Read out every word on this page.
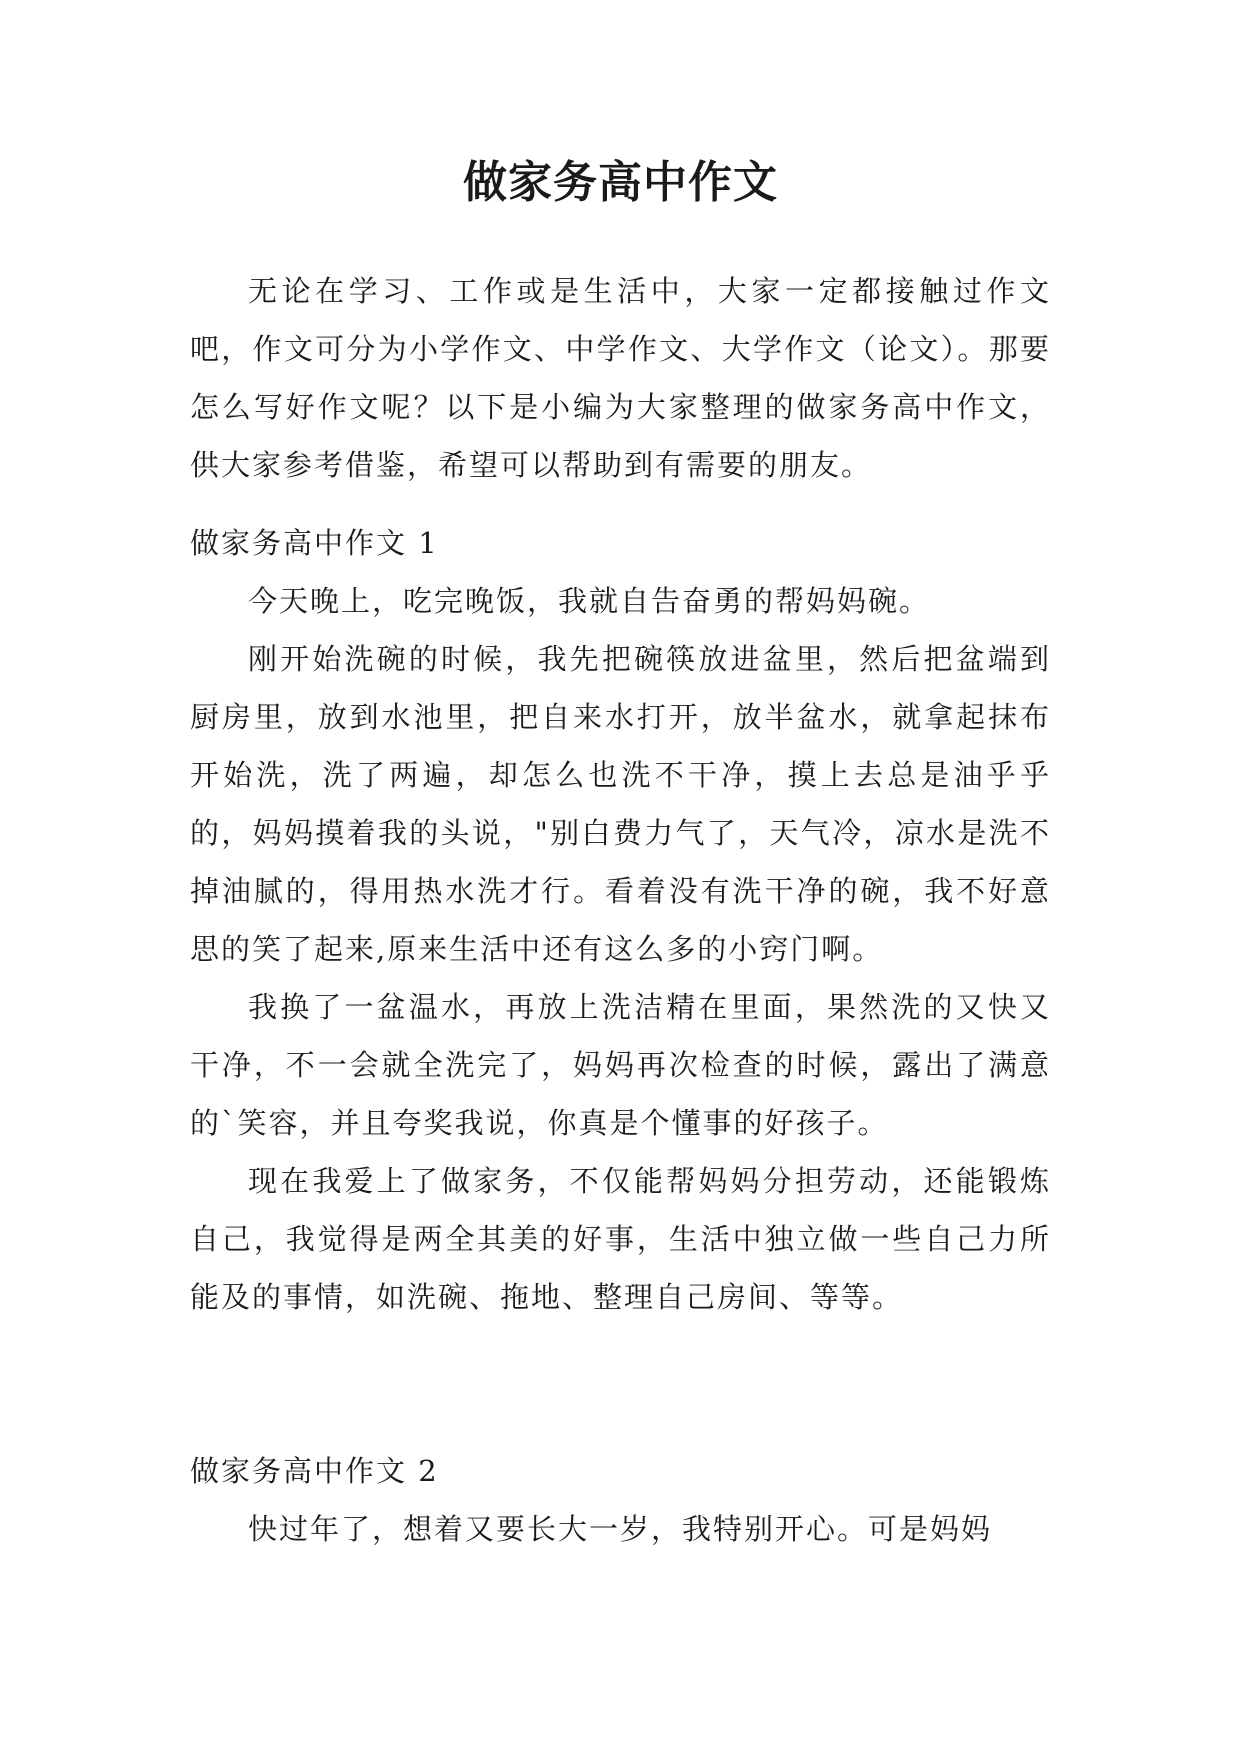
做家务高中作文

无论在学习、工作或是生活中，大家一定都接触过作文吧，作文可分为小学作文、中学作文、大学作文（论文）。那要怎么写好作文呢？以下是小编为大家整理的做家务高中作文，供大家参考借鉴，希望可以帮助到有需要的朋友。

做家务高中作文 1

今天晚上，吃完晚饭，我就自告奋勇的帮妈妈碗。

刚开始洗碗的时候，我先把碗筷放进盆里，然后把盆端到厨房里，放到水池里，把自来水打开，放半盆水，就拿起抹布开始洗，洗了两遍，却怎么也洗不干净，摸上去总是油乎乎的，妈妈摸着我的头说，"别白费力气了，天气冷，凉水是洗不掉油腻的，得用热水洗才行。看着没有洗干净的碗，我不好意思的笑了起来,原来生活中还有这么多的小窍门啊。

我换了一盆温水，再放上洗洁精在里面，果然洗的又快又干净，不一会就全洗完了，妈妈再次检查的时候，露出了满意的`笑容，并且夸奖我说，你真是个懂事的好孩子。

现在我爱上了做家务，不仅能帮妈妈分担劳动，还能锻炼自己，我觉得是两全其美的好事，生活中独立做一些自己力所能及的事情，如洗碗、拖地、整理自己房间、等等。

做家务高中作文 2

快过年了，想着又要长大一岁，我特别开心。可是妈妈
